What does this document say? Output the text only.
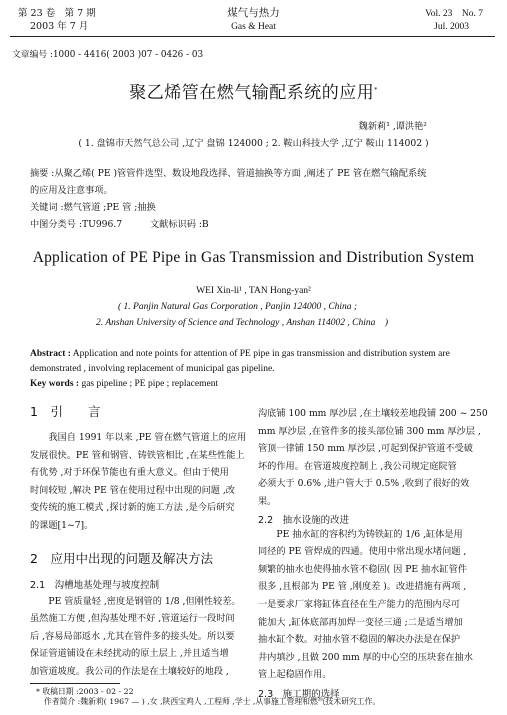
第 23 卷　第 7 期
2003 年 7 月
煤气与热力
Gas & Heat
Vol. 23　No. 7
Jul. 2003
文章编号 :1000 - 4416( 2003 )07 - 0426 - 03
聚乙烯管在燃气输配系统的应用*
魏新莉¹ ,谭洪艳²
( 1. 盘锦市天然气总公司 ,辽宁 盘锦 124000 ; 2. 鞍山科技大学 ,辽宁 鞍山 114002 )
摘要 :从聚乙烯( PE )管管件选型、数设地段选择、管道抽换等方面 ,阐述了 PE 管在燃气输配系统
的应用及注意事项。
关键词 :燃气管道 ;PE 管 ;抽换
中图分类号 :TU996.7	文献标识码 :B
Application of PE Pipe in Gas Transmission and Distribution System
WEI Xin-li¹ , TAN Hong-yan²
( 1. Panjin Natural Gas Corporation , Panjin 124000 , China ;
2. Anshan University of Science and Technology , Anshan 114002 , China　)
Abstract : Application and note points for attention of PE pipe in gas transmission and distribution system are
demonstrated , involving replacement of municipal gas pipeline.
Key words : gas pipeline ; PE pipe ; replacement
1　引　　言

我国自 1991 年以来 ,PE 管在燃气管道上的应用

发展很快。PE 管和钢管、铸铁管相比 ,在某些性能上

有优势 ,对于环保节能也有重大意义。但由于使用

时间较短 ,解决 PE 管在使用过程中出现的问题 ,改

变传统的施工模式 ,探讨新的施工方法 ,是今后研究

的课题[1~7]。

2　应用中出现的问题及解决方法
2.1　沟槽地基处理与坡度控制

PE 管质量轻 ,密度是钢管的 1/8 ,但刚性较差。

虽然施工方便 ,但沟基处理不好 ,管道运行一段时间

后 ,容易局部返水 ,尤其在管件多的接头处。所以要

保证管道铺设在未经扰动的原土层上 ,并且适当增

加管道坡度。我公司的作法是在土壤较好的地段 ,

沟底铺 100 mm 厚沙层 ,在土壤较差地段铺 200 ~ 250

mm 厚沙层 ,在管件多的接头部位铺 300 mm 厚沙层 ,

管顶一律铺 150 mm 厚沙层 ,可起到保护管道不受破

坏的作用。在管道坡度控制上 ,我公司规定庭院管

必须大于 0.6% ,进户管大于 0.5% ,收到了很好的效

果。

2.2　抽水设施的改进

PE 抽水缸的容积约为铸铁缸的 1/6 ,缸体是用

同径的 PE 管焊成的四通。使用中常出现水堵问题 ,

频繁的抽水也使得抽水管不稳固( 因 PE 抽水缸管件

很多 ,且根部为 PE 管 ,刚度差 )。改进措施有两项 ,

一是要求厂家将缸体直径在生产能力的范围内尽可

能加大 ,缸体底部再加焊一变径三通 ;二是适当增加

抽水缸个数。对抽水管不稳固的解决办法是在保护

井内填沙 ,且做 200 mm 厚的中心空的压块套在抽水

管上起稳固作用。

2.3　施工期的选择
* 收稿日期 :2003 - 02 - 22
作者简介 :魏新莉( 1967 — ) ,女 ,陕西宝鸡人 ,工程师 ,学士 ,从事施工管理和燃气技术研究工作。
